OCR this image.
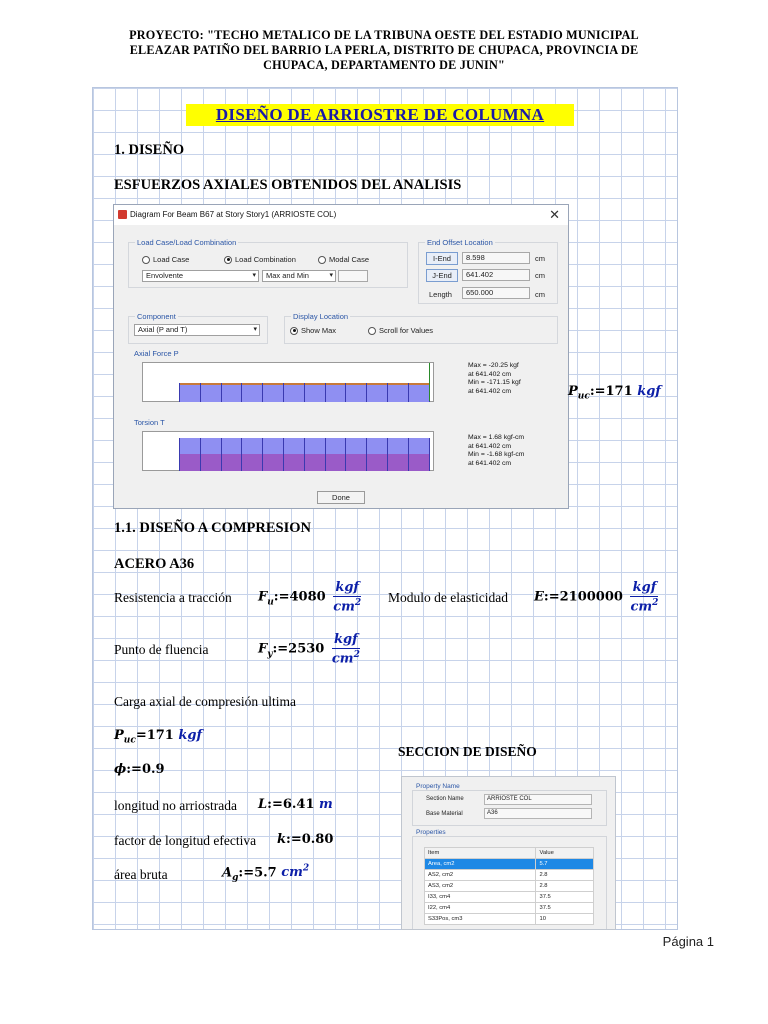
PROYECTO: "TECHO METALICO DE LA TRIBUNA OESTE DEL ESTADIO MUNICIPAL
ELEAZAR PATIÑO DEL BARRIO LA PERLA, DISTRITO DE CHUPACA, PROVINCIA DE
CHUPACA, DEPARTAMENTO DE JUNIN"
DISEÑO DE ARRIOSTRE DE COLUMNA
1. DISEÑO
ESFUERZOS AXIALES OBTENIDOS DEL ANALISIS
Diagram For Beam B67 at Story Story1 (ARRIOSTE COL)	✕
Load Case/Load Combination
Load Case	Load Combination	Modal Case
Envolvente	▾	Max and Min	▾
End Offset Location
I-End	8.598	cm
J-End	641.402	cm
Length	650.000	cm
Component
Axial (P and T)	▾
Display Location
Show Max	Scroll for Values
Axial Force P
Max = -20.25 kgf
at 641.402 cm
Min = -171.15 kgf
at 641.402 cm
Torsion T
Max = 1.68 kgf-cm
at 641.402 cm
Min = -1.68 kgf-cm
at 641.402 cm
Done
$P_{uc}:=171$ kgf
1.1. DISEÑO A COMPRESION
ACERO A36
Resistencia a tracción $F_u:=4080 \frac{\text{kgf}}{cm^2}$ Modulo de elasticidad E:=2100000 $\frac{\text{kgf}}{cm^2}$
Punto de fluencia	$F_y:=2530 \frac{\text{kgf}}{cm^2}$
Carga axial de compresión ultima
$P_{uc}=171$ kgf
SECCION DE DISEÑO
ϕ:=0.9
longitud no arriostrada L:=6.41 m
factor de longitud efectiva k:=0.80
área bruta	$A_g:=5.7$ $cm^2$
Property Name
Section Name	ARRIOSTE COL
Base Material	A36
Properties
Item	Value
Area, cm2	5.7
AS2, cm2	2.8
AS3, cm2	2.8
I33, cm4	37.5
I22, cm4	37.5
S33Pos, cm3	10
Página 1
